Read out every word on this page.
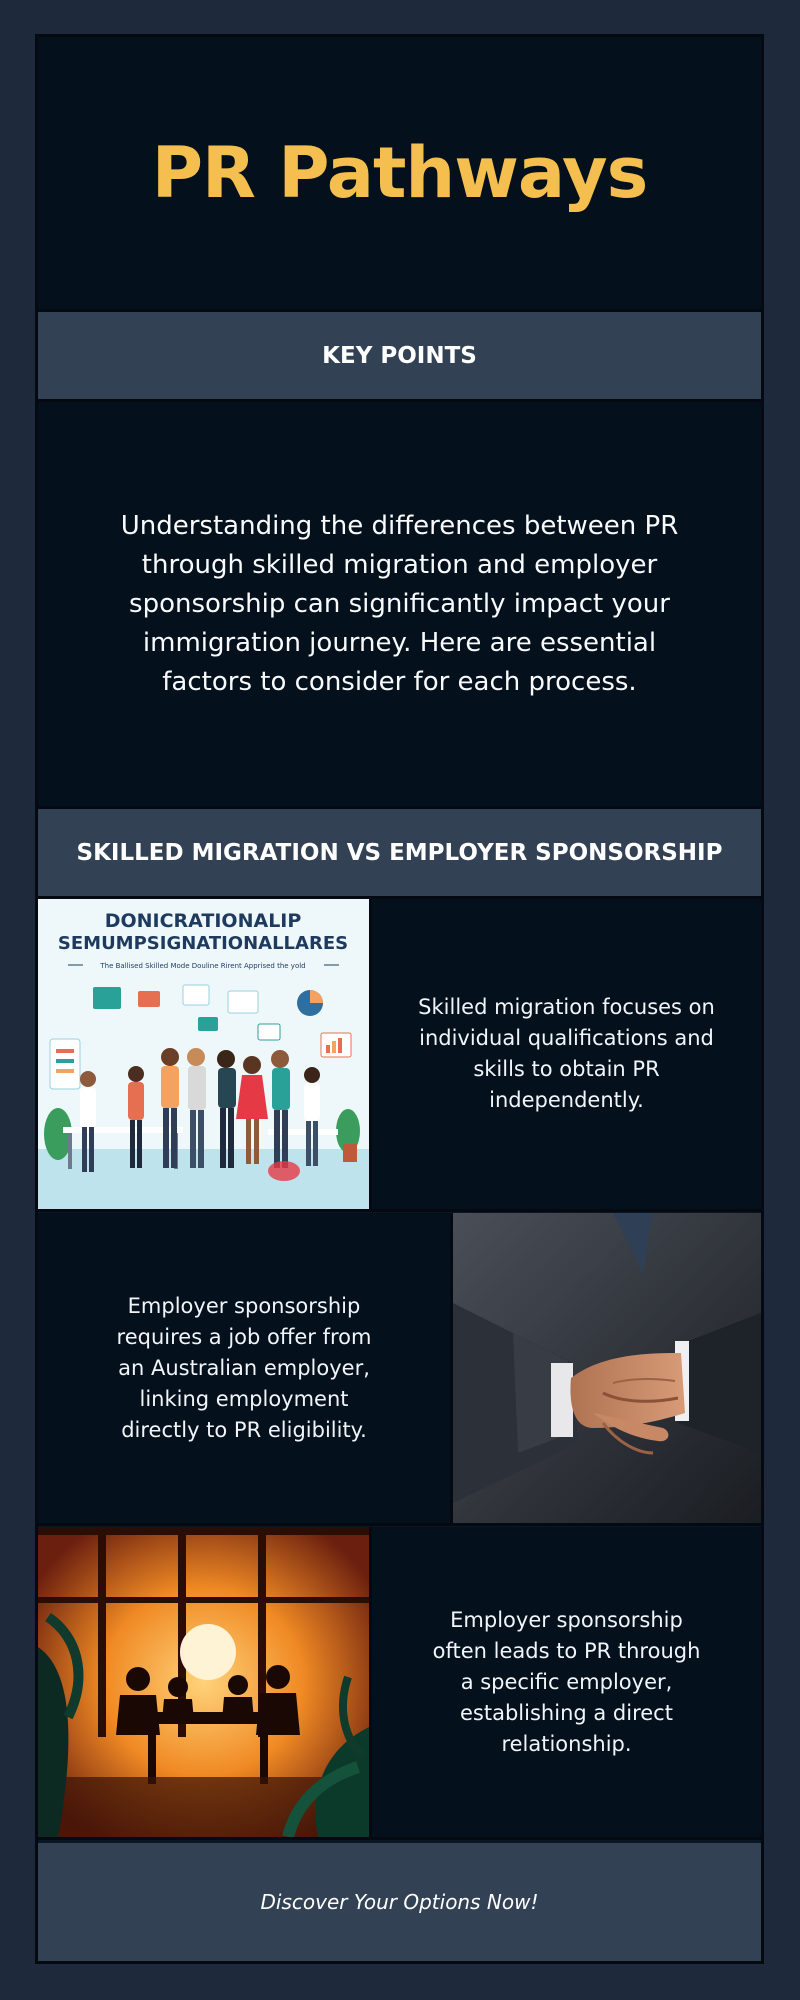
PR Pathways
KEY POINTS

Understanding the differences between PR through skilled migration and employer sponsorship can significantly impact your immigration journey. Here are essential factors to consider for each process.

SKILLED MIGRATION VS EMPLOYER SPONSORSHIP
DONICRATIONALIP
SEMUMPSIGNATIONALLARES
The Ballised Skilled Mode Douline Rirent Apprised the yold

Skilled migration focuses on individual qualifications and skills to obtain PR independently.

Employer sponsorship requires a job offer from an Australian employer, linking employment directly to PR eligibility.

Employer sponsorship often leads to PR through a specific employer, establishing a direct relationship.

Discover Your Options Now!
